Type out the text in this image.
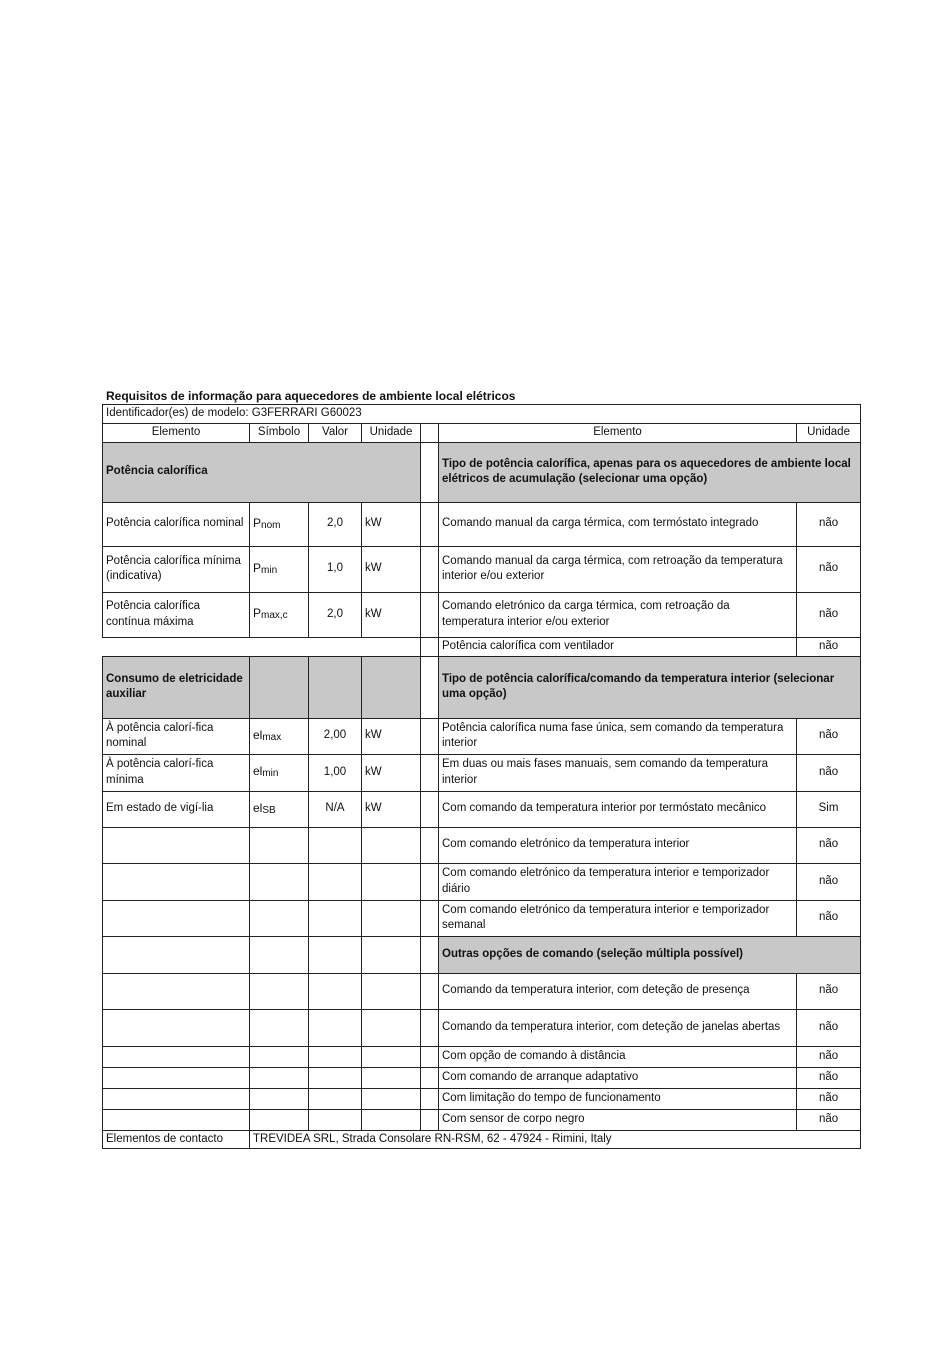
Requisitos de informação para aquecedores de ambiente local elétricos
Identificador(es) de modelo: G3FERRARI G60023						
Elemento	Símbolo	Valor	Unidade		Elemento	Unidade
Potência calorífica					Tipo de potência calorífica, apenas para os aquecedores de ambiente local elétricos de acumulação (selecionar uma opção)	
Potência calorífica nominal	$P_{nom}$	2,0	kW		Comando manual da carga térmica, com termóstato integrado	não
Potência calorífica mínima (indicativa)	$P_{min}$	1,0	kW		Comando manual da carga térmica, com retroação da temperatura interior e/ou exterior	não
Potência calorífica contínua máxima	$P_{max,c}$	2,0	kW		Comando eletrónico da carga térmica, com retroação da temperatura interior e/ou exterior	não
					Potência calorífica com ventilador	não
Consumo de eletricidade auxiliar					Tipo de potência calorífica/comando da temperatura interior (selecionar uma opção)	
À potência calorí-fica nominal	$el_{max}$	2,00	kW		Potência calorífica numa fase única, sem comando da temperatura interior	não
À potência calorí-fica mínima	$el_{min}$	1,00	kW		Em duas ou mais fases manuais, sem comando da temperatura interior	não
Em estado de vigí-lia	$el_{SB}$	N/A	kW		Com comando da temperatura interior por termóstato mecânico	Sim
					Com comando eletrónico da temperatura interior	não
					Com comando eletrónico da temperatura interior e temporizador diário	não
					Com comando eletrónico da temperatura interior e temporizador semanal	não
					Outras opções de comando (seleção múltipla possível)	
					Comando da temperatura interior, com deteção de presença	não
					Comando da temperatura interior, com deteção de janelas abertas	não
					Com opção de comando à distância	não
					Com comando de arranque adaptativo	não
					Com limitação do tempo de funcionamento	não
					Com sensor de corpo negro	não
Elementos de contacto	TREVIDEA SRL, Strada Consolare RN-RSM, 62 - 47924 - Rimini, Italy					
